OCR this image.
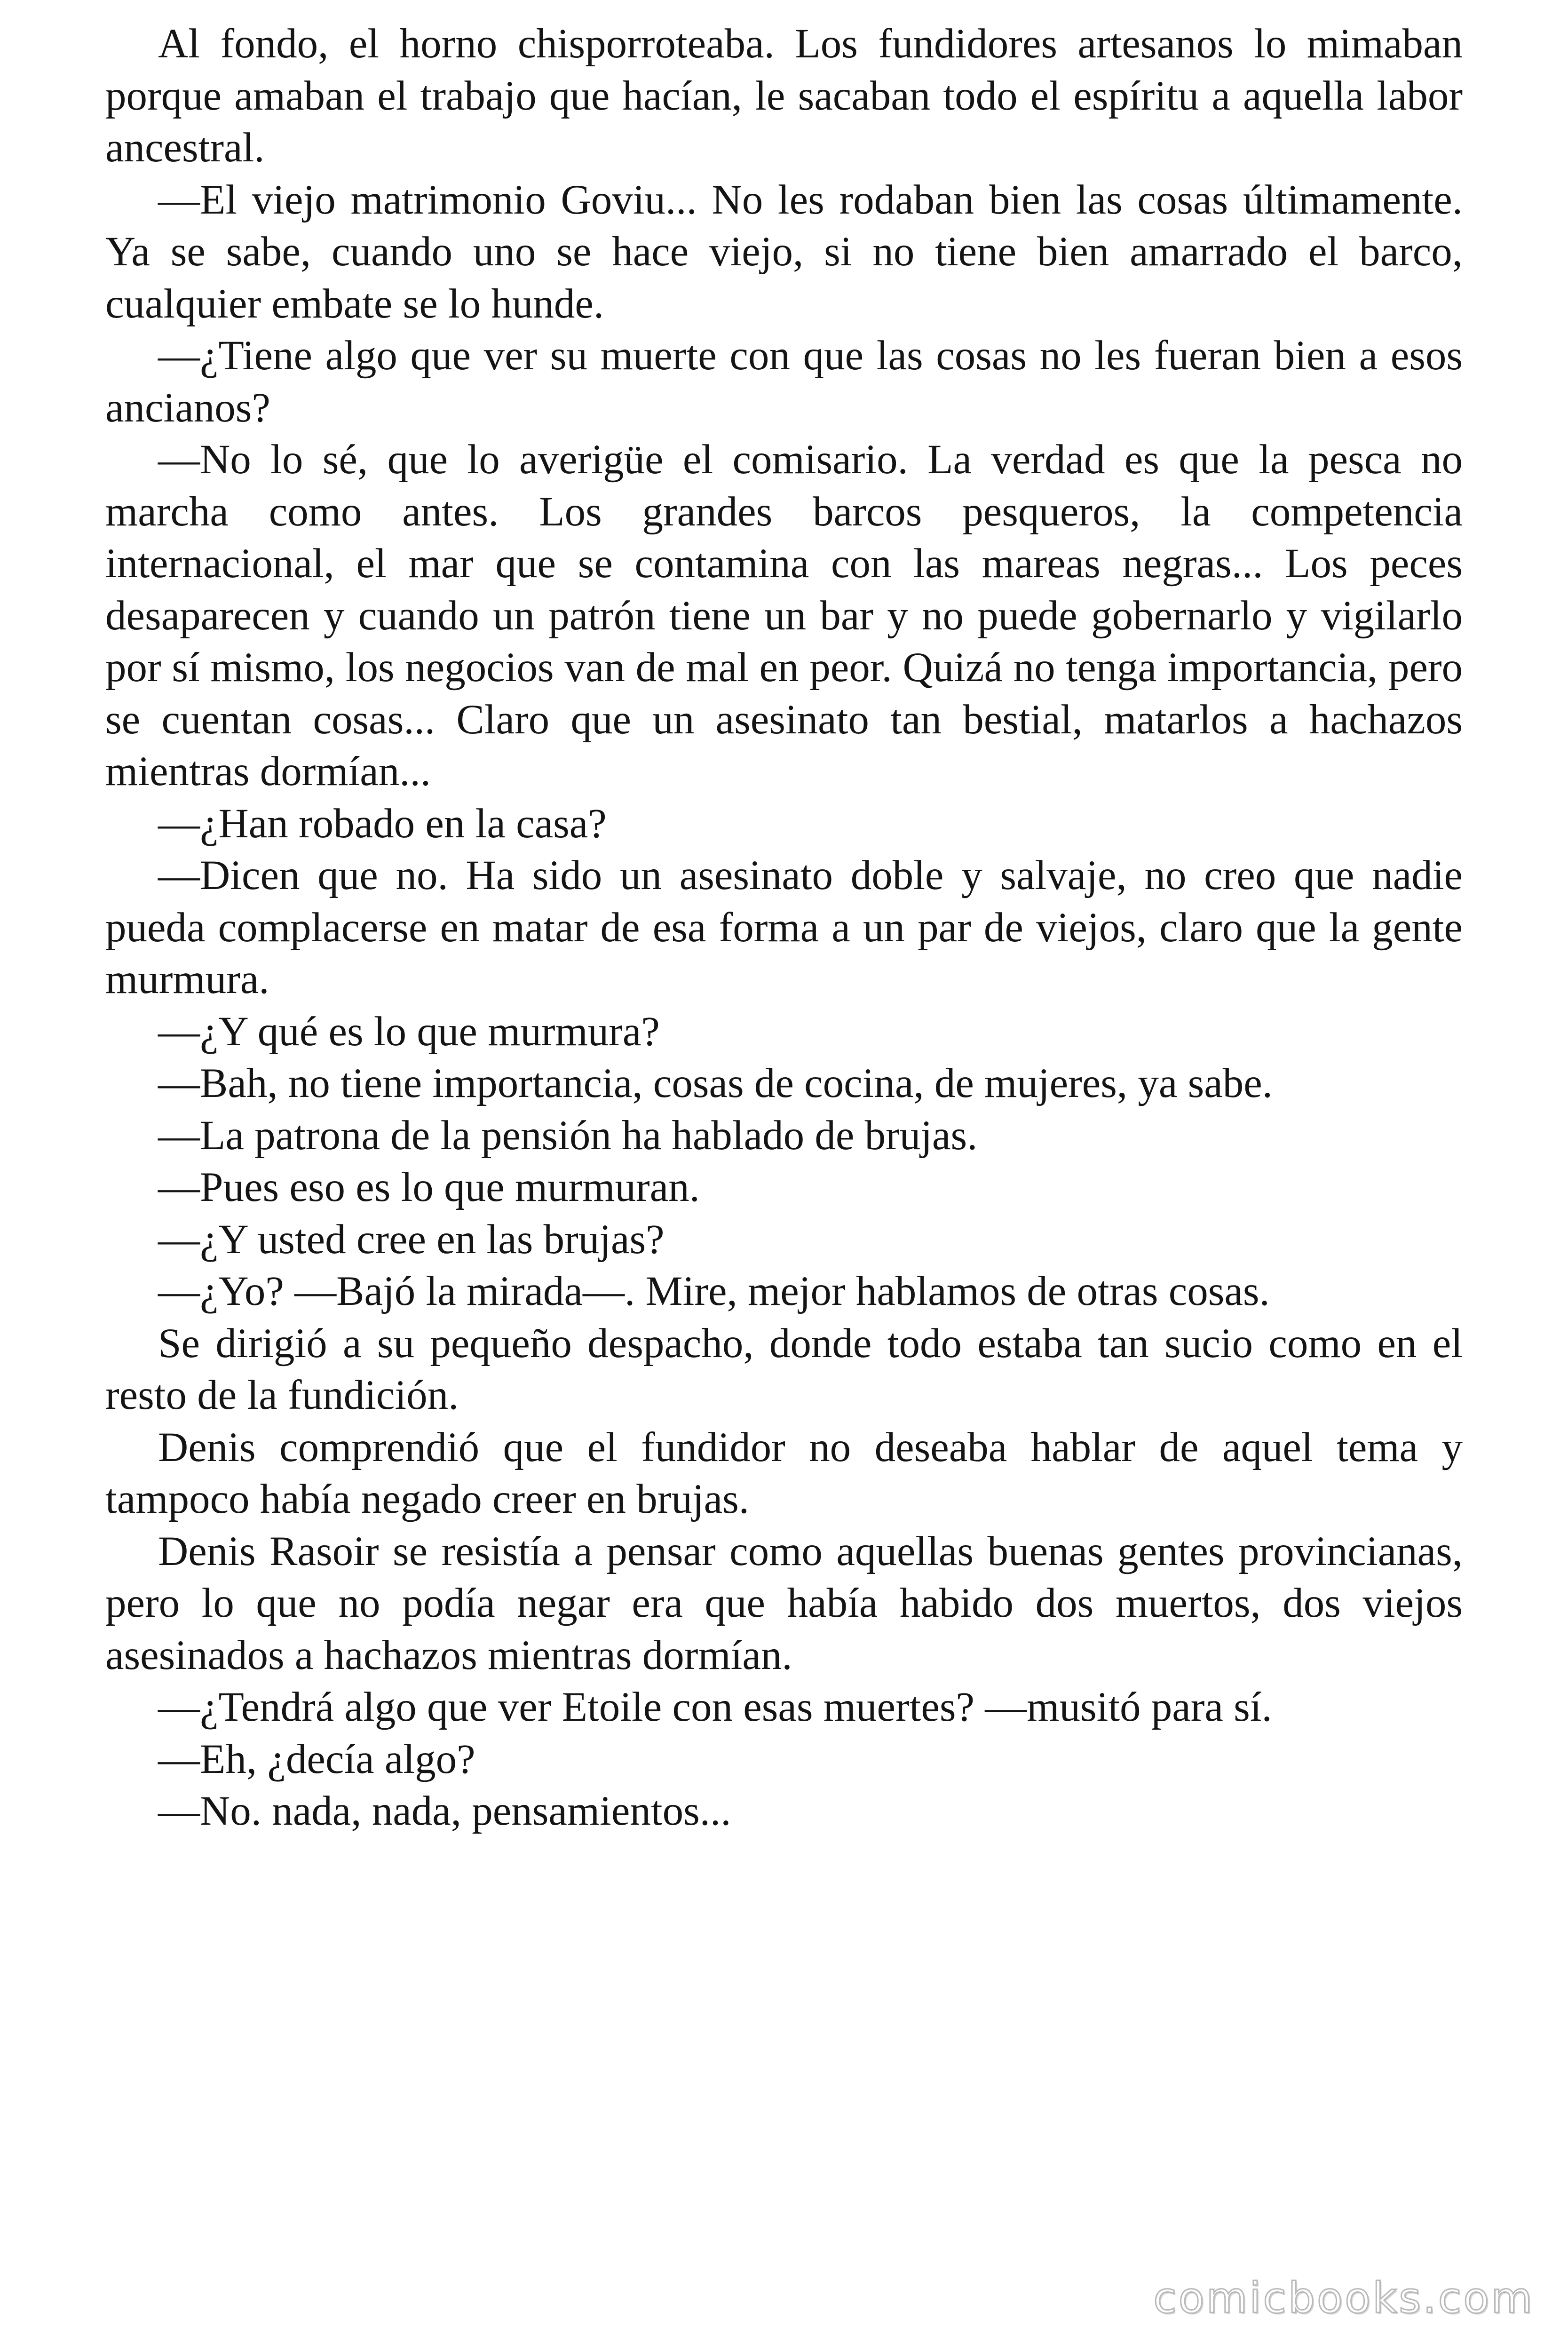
Al fondo, el horno chisporroteaba. Los fundidores artesanos lo mimaban porque amaban el trabajo que hacían, le sacaban todo el espíritu a aquella labor ancestral.

—El viejo matrimonio Goviu... No les rodaban bien las cosas últimamente. Ya se sabe, cuando uno se hace viejo, si no tiene bien amarrado el barco, cualquier embate se lo hunde.

—¿Tiene algo que ver su muerte con que las cosas no les fueran bien a esos ancianos?

—No lo sé, que lo averigüe el comisario. La verdad es que la pesca no marcha como antes. Los grandes barcos pesqueros, la competencia internacional, el mar que se contamina con las mareas negras... Los peces desaparecen y cuando un patrón tiene un bar y no puede gobernarlo y vigilarlo por sí mismo, los negocios van de mal en peor. Quizá no tenga importancia, pero se cuentan cosas... Claro que un asesinato tan bestial, matarlos a hachazos mientras dormían...

—¿Han robado en la casa?

—Dicen que no. Ha sido un asesinato doble y salvaje, no creo que nadie pueda complacerse en matar de esa forma a un par de viejos, claro que la gente murmura.

—¿Y qué es lo que murmura?

—Bah, no tiene importancia, cosas de cocina, de mujeres, ya sabe.

—La patrona de la pensión ha hablado de brujas.

—Pues eso es lo que murmuran.

—¿Y usted cree en las brujas?

—¿Yo? —Bajó la mirada—. Mire, mejor hablamos de otras cosas.

Se dirigió a su pequeño despacho, donde todo estaba tan sucio como en el resto de la fundición.

Denis comprendió que el fundidor no deseaba hablar de aquel tema y tampoco había negado creer en brujas.

Denis Rasoir se resistía a pensar como aquellas buenas gentes provincianas, pero lo que no podía negar era que había habido dos muertos, dos viejos asesinados a hachazos mientras dormían.

—¿Tendrá algo que ver Etoile con esas muertes? —musitó para sí.

—Eh, ¿decía algo?

—No. nada, nada, pensamientos...

comicbooks.com
